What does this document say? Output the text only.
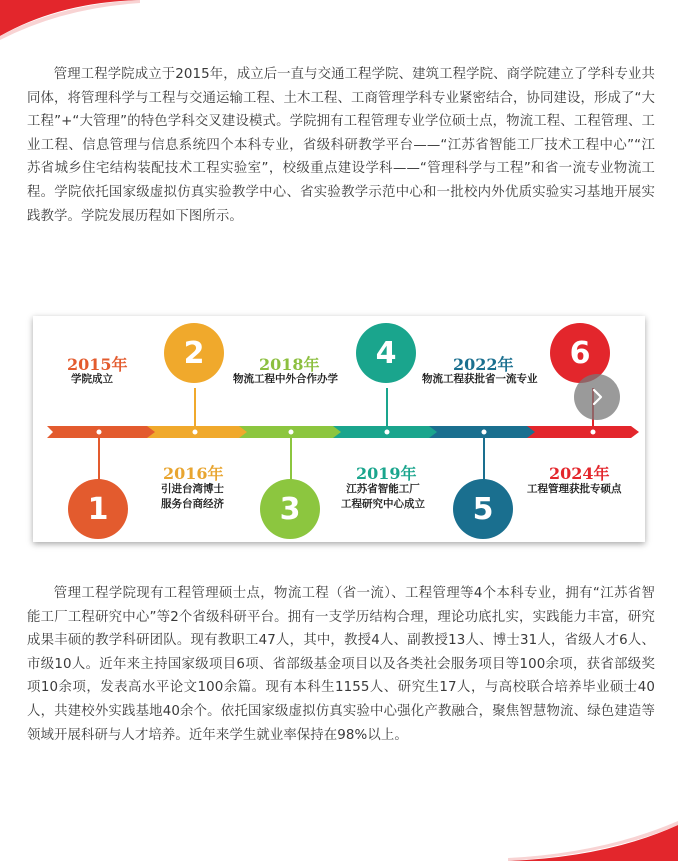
管理工程学院成立于2015年，成立后一直与交通工程学院、建筑工程学院、商学院建立了学科专业共同体，将管理科学与工程与交通运输工程、土木工程、工商管理学科专业紧密结合，协同建设，形成了“大工程”+“大管理”的特色学科交叉建设模式。学院拥有工程管理专业学位硕士点，物流工程、工程管理、工业工程、信息管理与信息系统四个本科专业，省级科研教学平台——“江苏省智能工厂技术工程中心”“江苏省城乡住宅结构装配技术工程实验室”，校级重点建设学科——“管理科学与工程”和省一流专业物流工程。学院依托国家级虚拟仿真实验教学中心、省实验教学示范中心和一批校内外优质实验实习基地开展实践教学。学院发展历程如下图所示。

2015年
学院成立
1
2
2016年
引进台湾博士
服务台商经济
2018年
物流工程中外合作办学
3
4
2019年
江苏省智能工厂
工程研究中心成立
2022年
物流工程获批省一流专业
5
6
2024年
工程管理获批专硕点

管理工程学院现有工程管理硕士点，物流工程（省一流）、工程管理等4个本科专业，拥有“江苏省智能工厂工程研究中心”等2个省级科研平台。拥有一支学历结构合理，理论功底扎实，实践能力丰富，研究成果丰硕的教学科研团队。现有教职工47人，其中，教授4人、副教授13人、博士31人，省级人才6人、市级10人。近年来主持国家级项目6项、省部级基金项目以及各类社会服务项目等100余项，获省部级奖项10余项，发表高水平论文100余篇。现有本科生1155人、研究生17人，与高校联合培养毕业硕士40人，共建校外实践基地40余个。依托国家级虚拟仿真实验中心强化产教融合，聚焦智慧物流、绿色建造等领域开展科研与人才培养。近年来学生就业率保持在98%以上。
